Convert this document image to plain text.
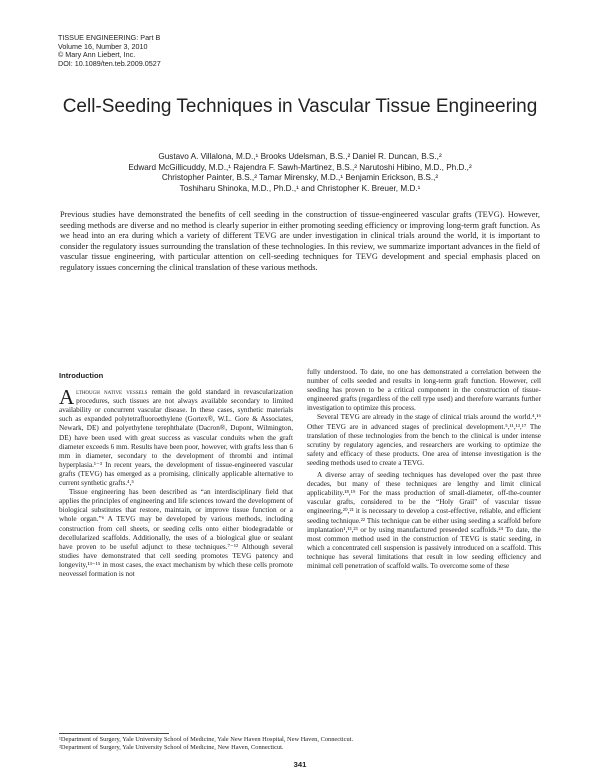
TISSUE ENGINEERING: Part B
Volume 16, Number 3, 2010
© Mary Ann Liebert, Inc.
DOI: 10.1089/ten.teb.2009.0527
Cell-Seeding Techniques in Vascular Tissue Engineering
Gustavo A. Villalona, M.D.,¹ Brooks Udelsman, B.S.,² Daniel R. Duncan, B.S.,²
Edward McGillicuddy, M.D.,¹ Rajendra F. Sawh-Martinez, B.S.,² Narutoshi Hibino, M.D., Ph.D.,²
Christopher Painter, B.S.,² Tamar Mirensky, M.D.,¹ Benjamin Erickson, B.S.,²
Toshiharu Shinoka, M.D., Ph.D.,¹ and Christopher K. Breuer, M.D.¹
Previous studies have demonstrated the benefits of cell seeding in the construction of tissue-engineered vascular grafts (TEVG). However, seeding methods are diverse and no method is clearly superior in either promoting seeding efficiency or improving long-term graft function. As we head into an era during which a variety of different TEVG are under investigation in clinical trials around the world, it is important to consider the regulatory issues surrounding the translation of these technologies. In this review, we summarize important advances in the field of vascular tissue engineering, with particular attention on cell-seeding techniques for TEVG development and special emphasis placed on regulatory issues concerning the clinical translation of these various methods.
Introduction

Although native vessels remain the gold standard in revascularization procedures, such tissues are not always available secondary to limited availability or concurrent vascular disease. In these cases, synthetic materials such as expanded polytetrafluoroethylene (Gortex®, W.L. Gore & Associates, Newark, DE) and polyethylene terephthalate (Dacron®, Dupont, Wilmington, DE) have been used with great success as vascular conduits when the graft diameter exceeds 6 mm. Results have been poor, however, with grafts less than 6 mm in diameter, secondary to the development of thrombi and intimal hyperplasia.¹⁻³ In recent years, the development of tissue-engineered vascular grafts (TEVG) has emerged as a promising, clinically applicable alternative to current synthetic grafts.⁴,⁵

Tissue engineering has been described as “an interdisciplinary field that applies the principles of engineering and life sciences toward the development of biological substitutes that restore, maintain, or improve tissue function or a whole organ.”⁶ A TEVG may be developed by various methods, including construction from cell sheets, or seeding cells onto either biodegradable or decellularized scaffolds. Additionally, the uses of a biological glue or sealant have proven to be useful adjunct to these techniques.⁷⁻¹² Although several studies have demonstrated that cell seeding promotes TEVG patency and longevity,¹³⁻¹⁵ in most cases, the exact mechanism by which these cells promote neovessel formation is not

fully understood. To date, no one has demonstrated a correlation between the number of cells seeded and results in long-term graft function. However, cell seeding has proven to be a critical component in the construction of tissue-engineered grafts (regardless of the cell type used) and therefore warrants further investigation to optimize this process.

Several TEVG are already in the stage of clinical trials around the world.⁴,¹⁶ Other TEVG are in advanced stages of preclinical development.⁵,¹¹,¹³,¹⁷ The translation of these technologies from the bench to the clinical is under intense scrutiny by regulatory agencies, and researchers are working to optimize the safety and efficacy of these products. One area of intense investigation is the seeding methods used to create a TEVG.

A diverse array of seeding techniques has developed over the past three decades, but many of these techniques are lengthy and limit clinical applicability.¹⁸,¹⁹ For the mass production of small-diameter, off-the-counter vascular grafts, considered to be the “Holy Grail” of vascular tissue engineering,²⁰,²¹ it is necessary to develop a cost-effective, reliable, and efficient seeding technique.²² This technique can be either using seeding a scaffold before implantation¹,¹³,²³ or by using manufactured preseeded scaffolds.²⁴ To date, the most common method used in the construction of TEVG is static seeding, in which a concentrated cell suspension is passively introduced on a scaffold. This technique has several limitations that result in low seeding efficiency and minimal cell penetration of scaffold walls. To overcome some of these

¹Department of Surgery, Yale University School of Medicine, Yale New Haven Hospital, New Haven, Connecticut.
²Department of Surgery, Yale University School of Medicine, New Haven, Connecticut.
341
